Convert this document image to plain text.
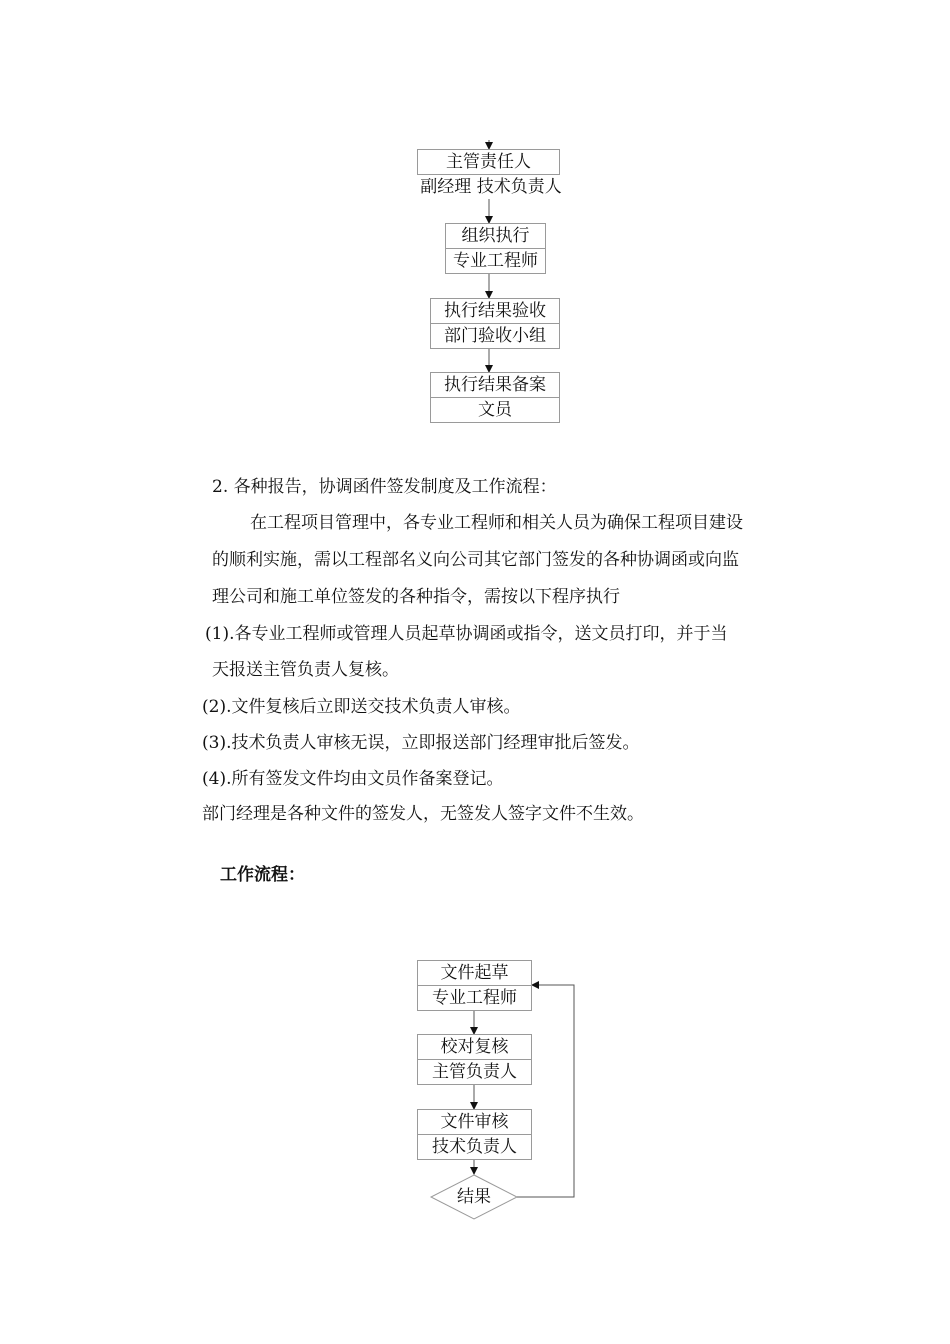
主管责任人
副经理 技术负责人
组织执行
专业工程师
执行结果验收
部门验收小组
执行结果备案
文员
2. 各种报告，协调函件签发制度及工作流程：
在工程项目管理中，各专业工程师和相关人员为确保工程项目建设
的顺利实施，需以工程部名义向公司其它部门签发的各种协调函或向监
理公司和施工单位签发的各种指令，需按以下程序执行
(1).各专业工程师或管理人员起草协调函或指令，送文员打印，并于当
天报送主管负责人复核。
(2).文件复核后立即送交技术负责人审核。
(3).技术负责人审核无误，立即报送部门经理审批后签发。
(4).所有签发文件均由文员作备案登记。
部门经理是各种文件的签发人，无签发人签字文件不生效。
工作流程：
文件起草
专业工程师
校对复核
主管负责人
文件审核
技术负责人
结果
